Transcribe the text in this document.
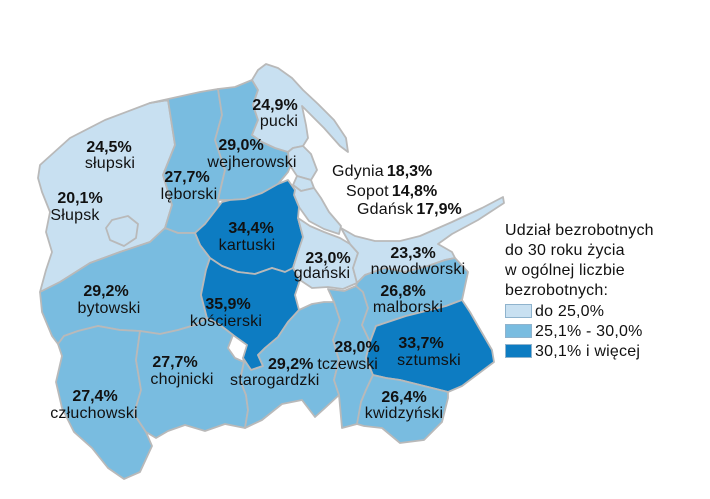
24,5%
słupski
20,1%
Słupsk
24,9%
pucki
29,0%
wejherowski
27,7%
lęborski
34,4%
kartuski
23,0%
gdański
23,3%
nowodworski
29,2%
bytowski	35,9%
kościerski
26,8%
malborski
33,7%
sztumski
28,0%
29,2% tczewski
starogardzki
27,7%
chojnicki
27,4%
człuchowski
26,4%
kwidzyński
Gdynia 18,3%
Sopot 14,8%
Gdańsk 17,9%
Udział bezrobotnych
do 30 roku życia
w ogólnej liczbie
bezrobotnych:
do 25,0%
25,1% - 30,0%
30,1% i więcej
